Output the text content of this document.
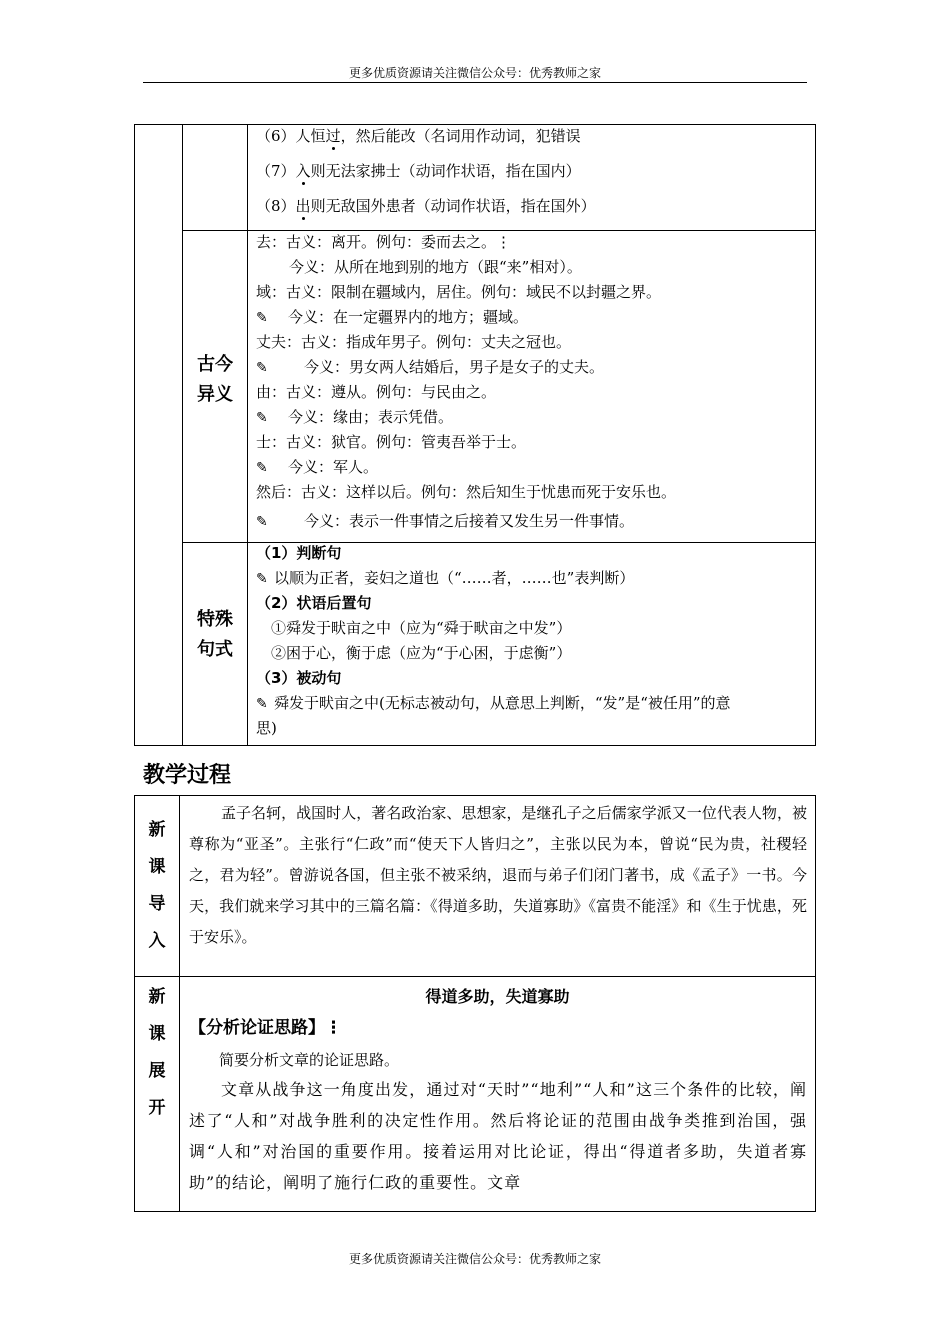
更多优质资源请关注微信公众号：优秀教师之家
（6）人恒过，然后能改（名词用作动词，犯错误
（7）入则无法家拂士（动词作状语，指在国内）
（8）出则无敌国外患者（动词作状语，指在国外）
古今
异义
去：古义：离开。例句：委而去之。⋮
今义：从所在地到别的地方（跟“来”相对）。
域：古义：限制在疆域内，居住。例句：域民不以封疆之界。
✎ 今义：在一定疆界内的地方；疆域。
丈夫：古义：指成年男子。例句：丈夫之冠也。
✎ 今义：男女两人结婚后，男子是女子的丈夫。
由：古义：遵从。例句：与民由之。
✎ 今义：缘由；表示凭借。
士：古义：狱官。例句：管夷吾举于士。
✎ 今义：军人。
然后：古义：这样以后。例句：然后知生于忧患而死于安乐也。
✎ 今义：表示一件事情之后接着又发生另一件事情。
特殊
句式
（1）判断句
✎ 以顺为正者，妾妇之道也（“……者，……也”表判断）
（2）状语后置句
①舜发于畎亩之中（应为“舜于畎亩之中发”）
②困于心，衡于虑（应为“于心困，于虑衡”）
（3）被动句
✎ 舜发于畎亩之中(无标志被动句，从意思上判断，“发”是“被任用”的意
思)
教学过程
新
课
导
入
孟子名轲，战国时人，著名政治家、思想家，是继孔子之后儒家学派又一位代表人物，被尊称为“亚圣”。主张行“仁政”而“使天下人皆归之”，主张以民为本，曾说“民为贵，社稷轻之，君为轻”。曾游说各国，但主张不被采纳，退而与弟子们闭门著书，成《孟子》一书。今天，我们就来学习其中的三篇名篇：《得道多助，失道寡助》《富贵不能淫》和《生于忧患，死于安乐》。
新
课
展
开
得道多助，失道寡助
【分析论证思路】⋮
简要分析文章的论证思路。
文章从战争这一角度出发，通过对“天时”“地利”“人和”这三个条件的比较，阐述了“人和”对战争胜利的决定性作用。然后将论证的范围由战争类推到治国，强调“人和”对治国的重要作用。接着运用对比论证，得出“得道者多助，失道者寡助”的结论，阐明了施行仁政的重要性。文章
更多优质资源请关注微信公众号：优秀教师之家
